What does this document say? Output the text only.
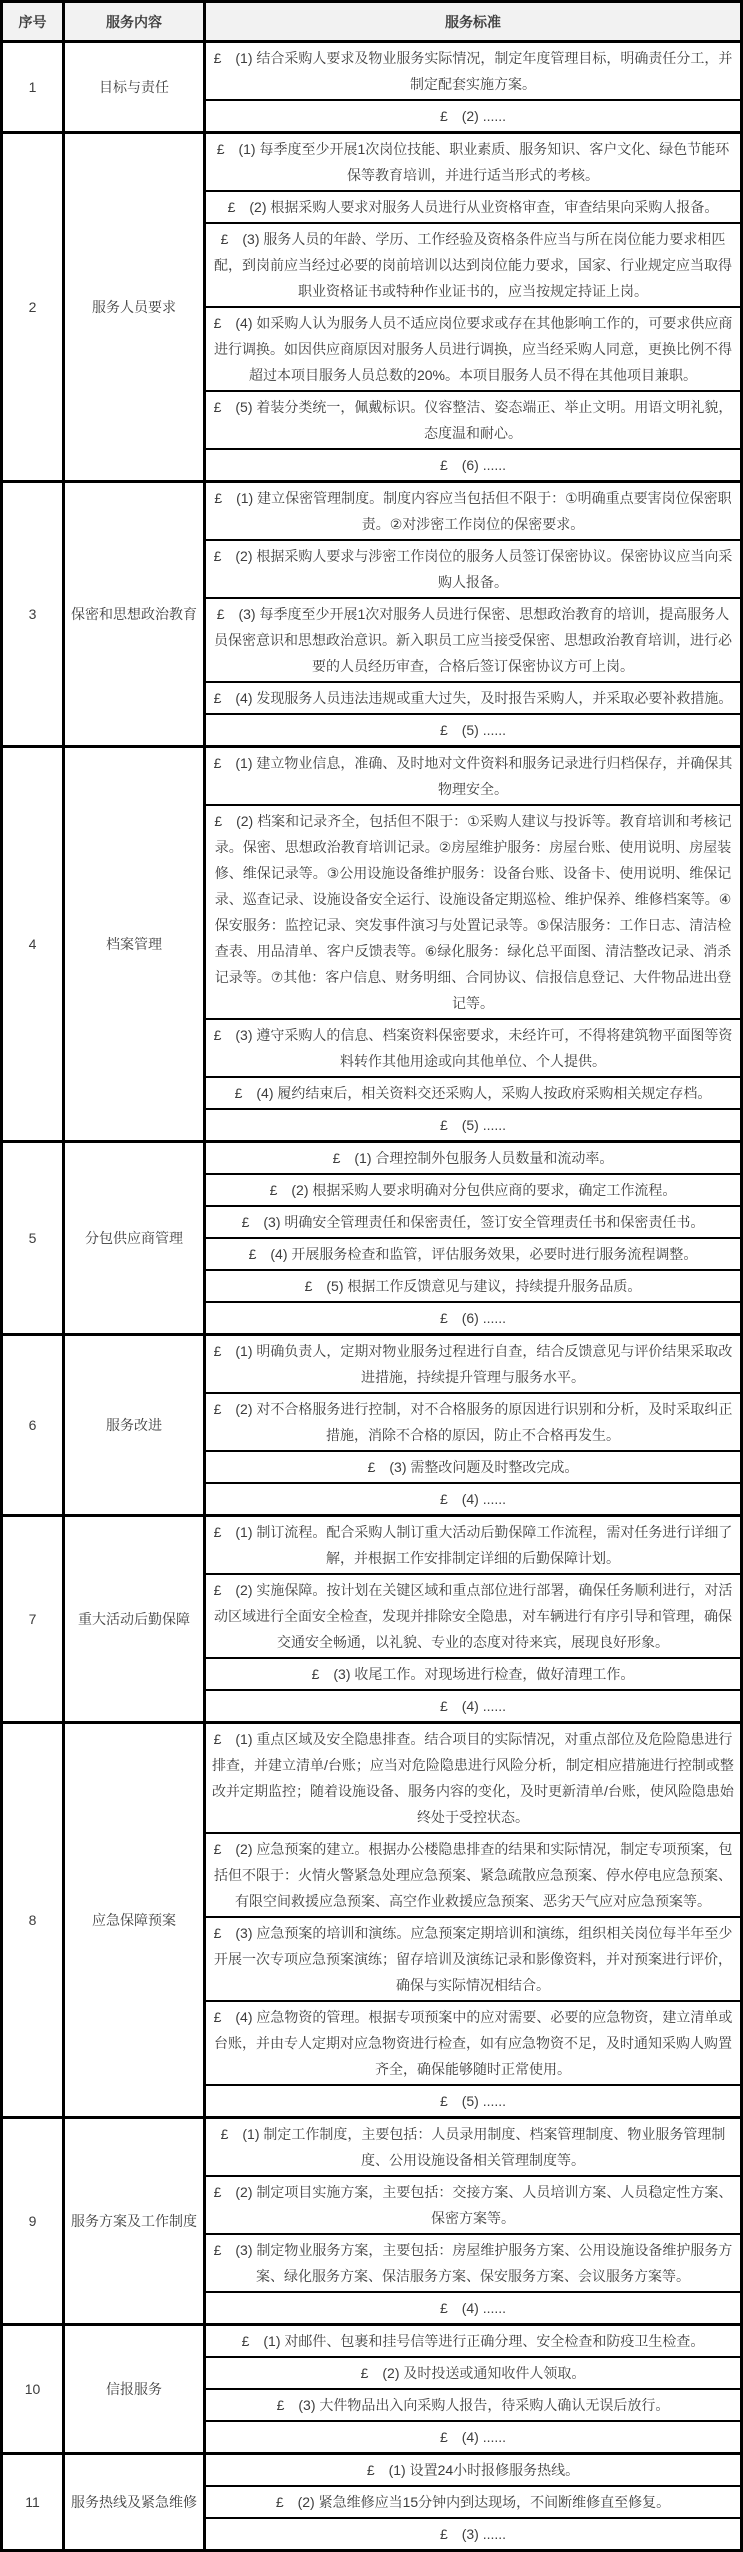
序号	服务内容	服务标准
1	目标与责任
£　(1) 结合采购人要求及物业服务实际情况，制定年度管理目标，明确责任分工，并制定配套实施方案。
£　(2) ......
2	服务人员要求
£　(1) 每季度至少开展1次岗位技能、职业素质、服务知识、客户文化、绿色节能环保等教育培训，并进行适当形式的考核。
£　(2) 根据采购人要求对服务人员进行从业资格审查，审查结果向采购人报备。
£　(3) 服务人员的年龄、学历、工作经验及资格条件应当与所在岗位能力要求相匹配，到岗前应当经过必要的岗前培训以达到岗位能力要求，国家、行业规定应当取得职业资格证书或特种作业证书的，应当按规定持证上岗。
£　(4) 如采购人认为服务人员不适应岗位要求或存在其他影响工作的，可要求供应商进行调换。如因供应商原因对服务人员进行调换，应当经采购人同意，更换比例不得超过本项目服务人员总数的20%。本项目服务人员不得在其他项目兼职。
£　(5) 着装分类统一，佩戴标识。仪容整洁、姿态端正、举止文明。用语文明礼貌，态度温和耐心。
£　(6) ......
3	保密和思想政治教育
£　(1) 建立保密管理制度。制度内容应当包括但不限于：①明确重点要害岗位保密职责。②对涉密工作岗位的保密要求。
£　(2) 根据采购人要求与涉密工作岗位的服务人员签订保密协议。保密协议应当向采购人报备。
£　(3) 每季度至少开展1次对服务人员进行保密、思想政治教育的培训，提高服务人员保密意识和思想政治意识。新入职员工应当接受保密、思想政治教育培训，进行必要的人员经历审查，合格后签订保密协议方可上岗。
£　(4) 发现服务人员违法违规或重大过失，及时报告采购人，并采取必要补救措施。
£　(5) ......
4	档案管理
£　(1) 建立物业信息，准确、及时地对文件资料和服务记录进行归档保存，并确保其物理安全。
£　(2) 档案和记录齐全，包括但不限于：①采购人建议与投诉等。教育培训和考核记录。保密、思想政治教育培训记录。②房屋维护服务：房屋台账、使用说明、房屋装修、维保记录等。③公用设施设备维护服务：设备台账、设备卡、使用说明、维保记录、巡查记录、设施设备安全运行、设施设备定期巡检、维护保养、维修档案等。④保安服务：监控记录、突发事件演习与处置记录等。⑤保洁服务：工作日志、清洁检查表、用品清单、客户反馈表等。⑥绿化服务：绿化总平面图、清洁整改记录、消杀记录等。⑦其他：客户信息、财务明细、合同协议、信报信息登记、大件物品进出登记等。
£　(3) 遵守采购人的信息、档案资料保密要求，未经许可，不得将建筑物平面图等资料转作其他用途或向其他单位、个人提供。
£　(4) 履约结束后，相关资料交还采购人，采购人按政府采购相关规定存档。
£　(5) ......
5	分包供应商管理
£　(1) 合理控制外包服务人员数量和流动率。
£　(2) 根据采购人要求明确对分包供应商的要求，确定工作流程。
£　(3) 明确安全管理责任和保密责任，签订安全管理责任书和保密责任书。
£　(4) 开展服务检查和监管，评估服务效果，必要时进行服务流程调整。
£　(5) 根据工作反馈意见与建议，持续提升服务品质。
£　(6) ......
6	服务改进
£　(1) 明确负责人，定期对物业服务过程进行自查，结合反馈意见与评价结果采取改进措施，持续提升管理与服务水平。
£　(2) 对不合格服务进行控制，对不合格服务的原因进行识别和分析，及时采取纠正措施，消除不合格的原因，防止不合格再发生。
£　(3) 需整改问题及时整改完成。
£　(4) ......
7	重大活动后勤保障
£　(1) 制订流程。配合采购人制订重大活动后勤保障工作流程，需对任务进行详细了解，并根据工作安排制定详细的后勤保障计划。
£　(2) 实施保障。按计划在关键区域和重点部位进行部署，确保任务顺利进行，对活动区域进行全面安全检查，发现并排除安全隐患，对车辆进行有序引导和管理，确保交通安全畅通，以礼貌、专业的态度对待来宾，展现良好形象。
£　(3) 收尾工作。对现场进行检查，做好清理工作。
£　(4) ......
8	应急保障预案
£　(1) 重点区域及安全隐患排查。结合项目的实际情况，对重点部位及危险隐患进行排查，并建立清单/台账；应当对危险隐患进行风险分析，制定相应措施进行控制或整改并定期监控；随着设施设备、服务内容的变化，及时更新清单/台账，使风险隐患始终处于受控状态。
£　(2) 应急预案的建立。根据办公楼隐患排查的结果和实际情况，制定专项预案，包括但不限于：火情火警紧急处理应急预案、紧急疏散应急预案、停水停电应急预案、有限空间救援应急预案、高空作业救援应急预案、恶劣天气应对应急预案等。
£　(3) 应急预案的培训和演练。应急预案定期培训和演练，组织相关岗位每半年至少开展一次专项应急预案演练；留存培训及演练记录和影像资料，并对预案进行评价，确保与实际情况相结合。
£　(4) 应急物资的管理。根据专项预案中的应对需要、必要的应急物资，建立清单或台账，并由专人定期对应急物资进行检查，如有应急物资不足，及时通知采购人购置齐全，确保能够随时正常使用。
£　(5) ......
9	服务方案及工作制度
£　(1) 制定工作制度，主要包括：人员录用制度、档案管理制度、物业服务管理制度、公用设施设备相关管理制度等。
£　(2) 制定项目实施方案，主要包括：交接方案、人员培训方案、人员稳定性方案、保密方案等。
£　(3) 制定物业服务方案，主要包括：房屋维护服务方案、公用设施设备维护服务方案、绿化服务方案、保洁服务方案、保安服务方案、会议服务方案等。
£　(4) ......
10	信报服务
£　(1) 对邮件、包裹和挂号信等进行正确分理、安全检查和防疫卫生检查。
£　(2) 及时投送或通知收件人领取。
£　(3) 大件物品出入向采购人报告，待采购人确认无误后放行。
£　(4) ......
11	服务热线及紧急维修
£　(1) 设置24小时报修服务热线。
£　(2) 紧急维修应当15分钟内到达现场，不间断维修直至修复。
£　(3) ......
